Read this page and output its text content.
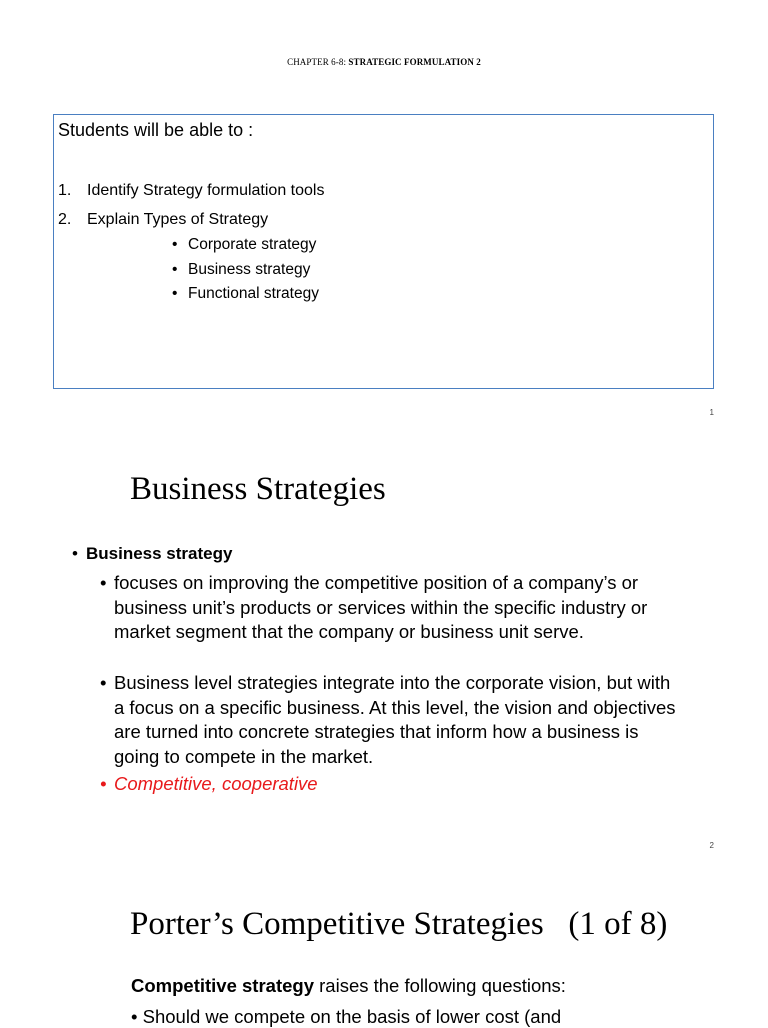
CHAPTER 6-8: STRATEGIC FORMULATION 2
Students will be able to :
1. Identify Strategy formulation tools
2. Explain Types of Strategy
• Corporate strategy
• Business strategy
• Functional strategy
1
Business Strategies
• Business strategy
• focuses on improving the competitive position of a company’s or business unit’s products or services within the specific industry or market segment that the company or business unit serve.
• Business level strategies integrate into the corporate vision, but with a focus on a specific business. At this level, the vision and objectives are turned into concrete strategies that inform how a business is going to compete in the market.
• Competitive, cooperative
2
Porter’s Competitive Strategies   (1 of 8)
Competitive strategy raises the following questions:
• Should we compete on the basis of lower cost (and
